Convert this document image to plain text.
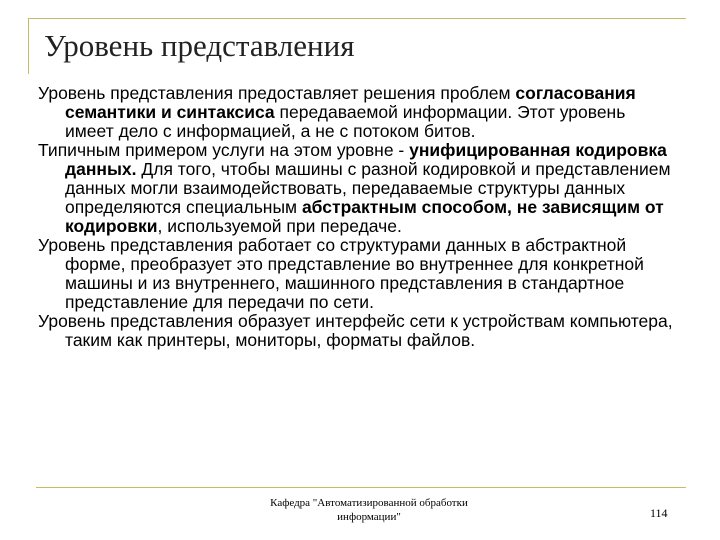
Уровень представления

Уровень представления предоставляет решения проблем согласования семантики и синтаксиса передаваемой информации. Этот уровень имеет дело с информацией, а не с потоком битов.

Типичным примером услуги на этом уровне - унифицированная кодировка данных. Для того, чтобы машины с разной кодировкой и представлением данных могли взаимодействовать, передаваемые структуры данных определяются специальным абстрактным способом, не зависящим от кодировки, используемой при передаче.

Уровень представления работает со структурами данных в абстрактной форме, преобразует это представление во внутреннее для конкретной машины и из внутреннего, машинного представления в стандартное представление для передачи по сети.

Уровень представления образует интерфейс сети к устройствам компьютера, таким как принтеры, мониторы, форматы файлов.

Кафедра "Автоматизированной обработки
информации"	114
